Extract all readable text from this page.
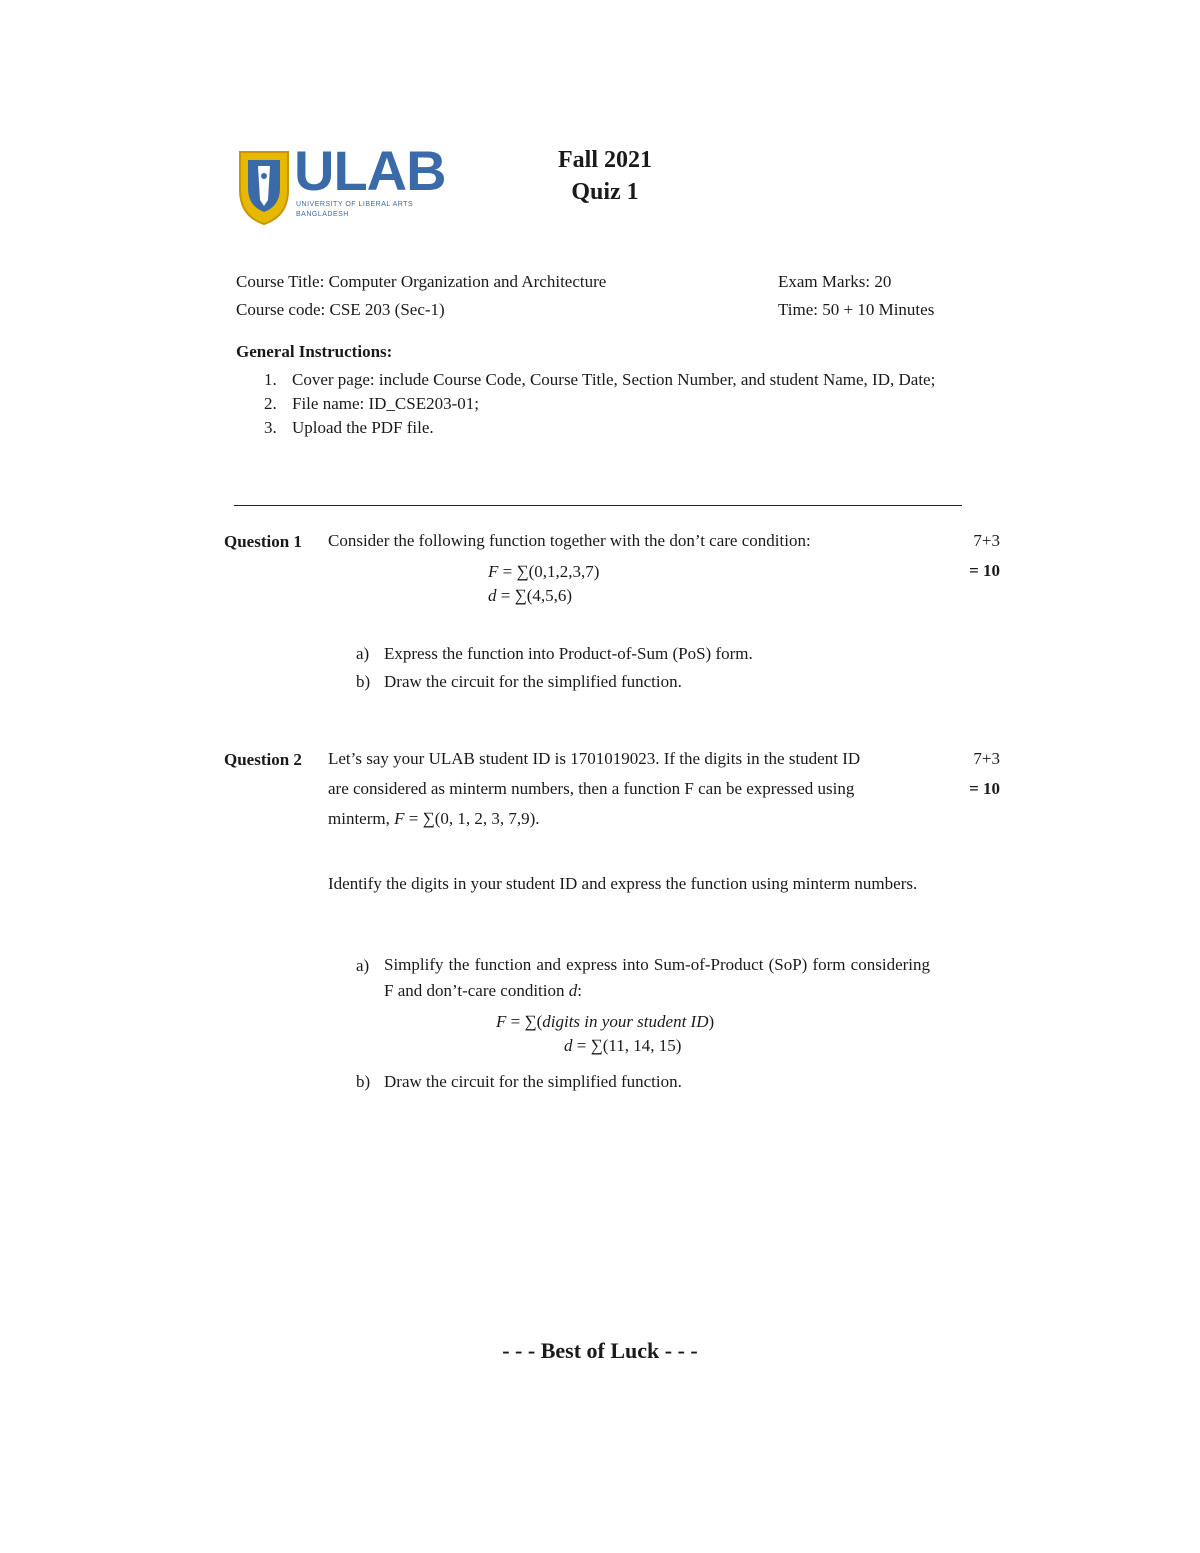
ULAB
UNIVERSITY OF LIBERAL ARTS
BANGLADESH
Fall 2021
Quiz 1
Course Title: Computer Organization and Architecture
Course code: CSE 203 (Sec-1)
Exam Marks: 20
Time: 50 + 10 Minutes
General Instructions:
1. Cover page: include Course Code, Course Title, Section Number, and student Name, ID, Date;
2. File name: ID_CSE203-01;
3. Upload the PDF file.
Question 1 Consider the following function together with the don’t care condition:	7+3
= 10
F = ∑(0,1,2,3,7)
d = ∑(4,5,6)
a) Express the function into Product-of-Sum (PoS) form.
b) Draw the circuit for the simplified function.
Question 2 Let’s say your ULAB student ID is 1701019023. If the digits in the student ID
are considered as minterm numbers, then a function F can be expressed using
minterm, F = ∑(0, 1, 2, 3, 7,9).
7+3
= 10
Identify the digits in your student ID and express the function using minterm numbers.
a) Simplify the function and express into Sum-of-Product (SoP) form considering F and don’t-care condition d:
F = ∑(digits in your student ID)
d = ∑(11, 14, 15)
b) Draw the circuit for the simplified function.
- - - Best of Luck - - -
